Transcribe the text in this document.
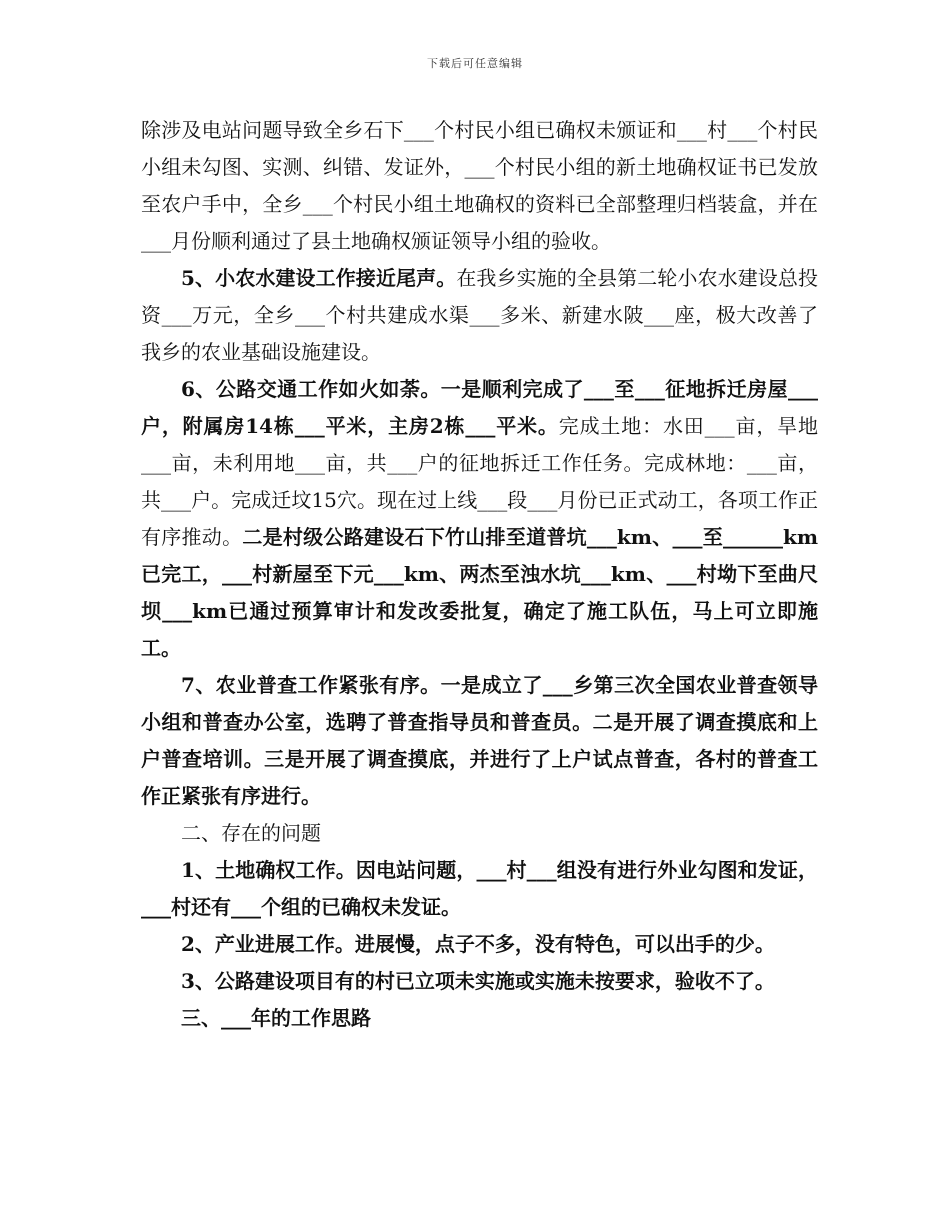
下载后可任意编辑

除涉及电站问题导致全乡石下___个村民小组已确权未颁证和___村___个村民小组未勾图、实测、纠错、发证外，___个村民小组的新土地确权证书已发放至农户手中，全乡___个村民小组土地确权的资料已全部整理归档装盒，并在___月份顺利通过了县土地确权颁证领导小组的验收。

5、小农水建设工作接近尾声。在我乡实施的全县第二轮小农水建设总投资___万元，全乡___个村共建成水渠___多米、新建水陂___座，极大改善了我乡的农业基础设施建设。

6、公路交通工作如火如荼。一是顺利完成了___至___征地拆迁房屋___户，附属房14栋___平米，主房2栋___平米。完成土地：水田___亩，旱地___亩，未利用地___亩，共___户的征地拆迁工作任务。完成林地：___亩，共___户。完成迁坟15穴。现在过上线___段___月份已正式动工，各项工作正有序推动。二是村级公路建设石下竹山排至道普坑___km、___至______km已完工，___村新屋至下元___km、两杰至浊水坑___km、___村坳下至曲尺坝___km已通过预算审计和发改委批复，确定了施工队伍，马上可立即施工。

7、农业普查工作紧张有序。一是成立了___乡第三次全国农业普查领导小组和普查办公室，选聘了普查指导员和普查员。二是开展了调查摸底和上户普查培训。三是开展了调查摸底，并进行了上户试点普查，各村的普查工作正紧张有序进行。

二、存在的问题

1、土地确权工作。因电站问题，___村___组没有进行外业勾图和发证，___村还有___个组的已确权未发证。

2、产业进展工作。进展慢，点子不多，没有特色，可以出手的少。

3、公路建设项目有的村已立项未实施或实施未按要求，验收不了。

三、___年的工作思路
